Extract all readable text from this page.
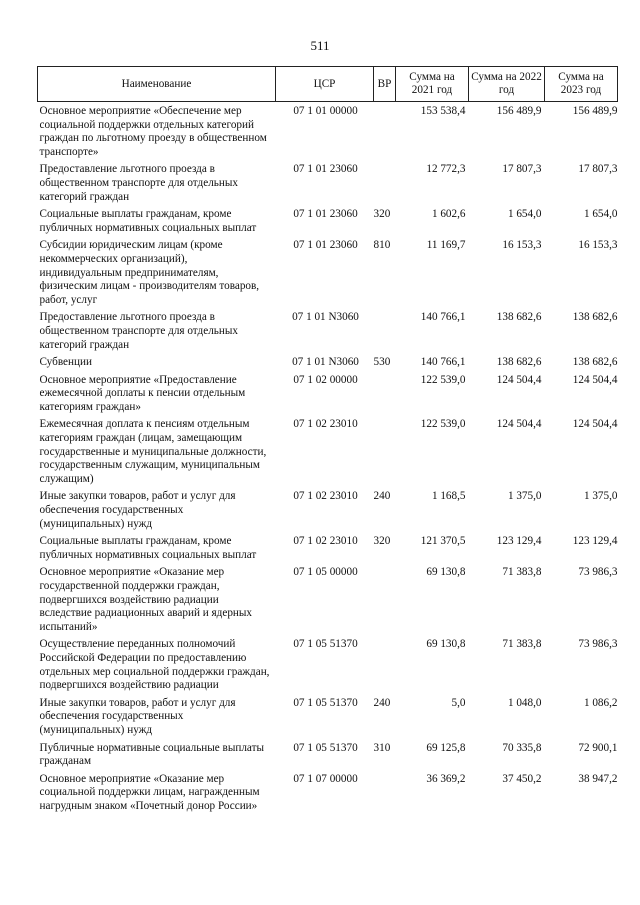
511
Наименование	ЦСР	ВР	Сумма на 2021 год	Сумма на 2022 год	Сумма на 2023 год
Основное мероприятие «Обеспечение мер социальной поддержки отдельных категорий граждан по льготному проезду в общественном транспорте»	07 1 01 00000		153 538,4	156 489,9	156 489,9
Предоставление льготного проезда в общественном транспорте для отдельных категорий граждан	07 1 01 23060		12 772,3	17 807,3	17 807,3
Социальные выплаты гражданам, кроме публичных нормативных социальных выплат	07 1 01 23060	320	1 602,6	1 654,0	1 654,0
Субсидии юридическим лицам (кроме некоммерческих организаций), индивидуальным предпринимателям, физическим лицам - производителям товаров, работ, услуг	07 1 01 23060	810	11 169,7	16 153,3	16 153,3
Предоставление льготного проезда в общественном транспорте для отдельных категорий граждан	07 1 01 N3060		140 766,1	138 682,6	138 682,6
Субвенции	07 1 01 N3060	530	140 766,1	138 682,6	138 682,6
Основное мероприятие «Предоставление ежемесячной доплаты к пенсии отдельным категориям граждан»	07 1 02 00000		122 539,0	124 504,4	124 504,4
Ежемесячная доплата к пенсиям отдельным категориям граждан (лицам, замещающим государственные и муниципальные должности, государственным служащим, муниципальным служащим)	07 1 02 23010		122 539,0	124 504,4	124 504,4
Иные закупки товаров, работ и услуг для обеспечения государственных (муниципальных) нужд	07 1 02 23010	240	1 168,5	1 375,0	1 375,0
Социальные выплаты гражданам, кроме публичных нормативных социальных выплат	07 1 02 23010	320	121 370,5	123 129,4	123 129,4
Основное мероприятие «Оказание мер государственной поддержки граждан, подвергшихся воздействию радиации вследствие радиационных аварий и ядерных испытаний»	07 1 05 00000		69 130,8	71 383,8	73 986,3
Осуществление переданных полномочий Российской Федерации по предоставлению отдельных мер социальной поддержки граждан, подвергшихся воздействию радиации	07 1 05 51370		69 130,8	71 383,8	73 986,3
Иные закупки товаров, работ и услуг для обеспечения государственных (муниципальных) нужд	07 1 05 51370	240	5,0	1 048,0	1 086,2
Публичные нормативные социальные выплаты гражданам	07 1 05 51370	310	69 125,8	70 335,8	72 900,1
Основное мероприятие «Оказание мер социальной поддержки лицам, награжденным нагрудным знаком «Почетный донор России»	07 1 07 00000		36 369,2	37 450,2	38 947,2
